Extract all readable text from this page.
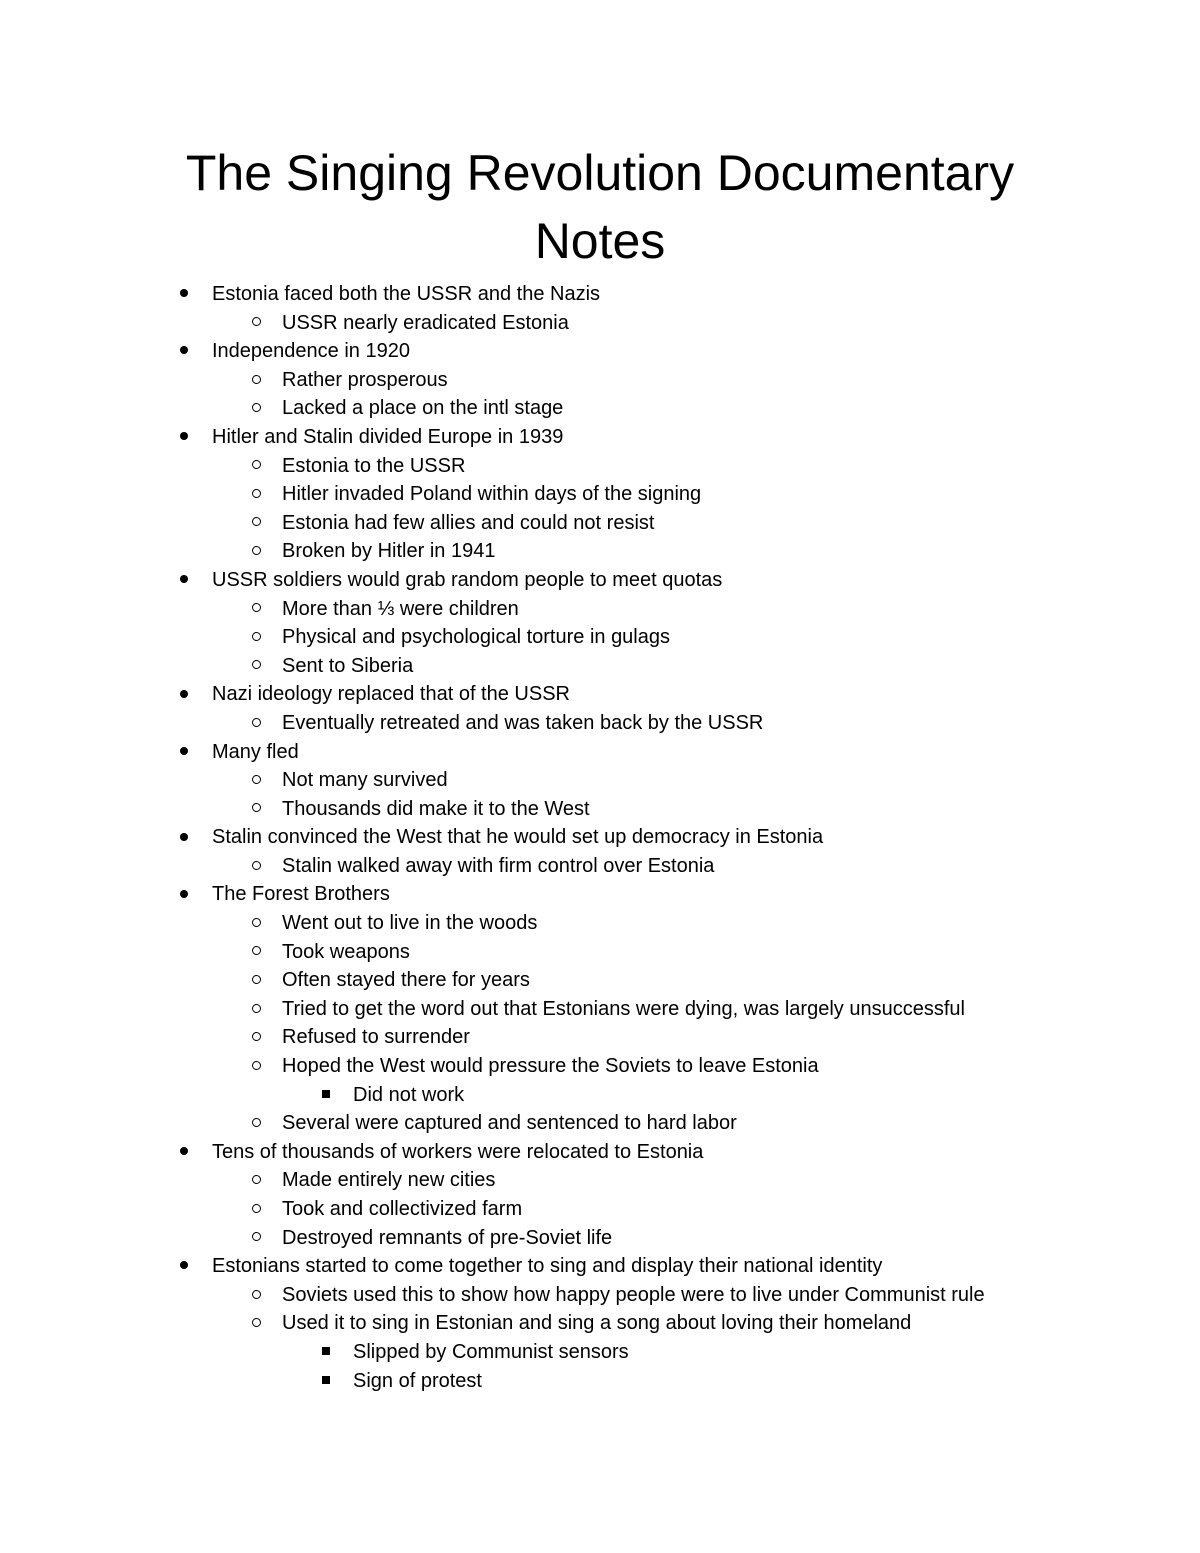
The Singing Revolution Documentary
Notes
Estonia faced both the USSR and the Nazis
USSR nearly eradicated Estonia
Independence in 1920
Rather prosperous
Lacked a place on the intl stage
Hitler and Stalin divided Europe in 1939
Estonia to the USSR
Hitler invaded Poland within days of the signing
Estonia had few allies and could not resist
Broken by Hitler in 1941
USSR soldiers would grab random people to meet quotas
More than ⅓ were children
Physical and psychological torture in gulags
Sent to Siberia
Nazi ideology replaced that of the USSR
Eventually retreated and was taken back by the USSR
Many fled
Not many survived
Thousands did make it to the West
Stalin convinced the West that he would set up democracy in Estonia
Stalin walked away with firm control over Estonia
The Forest Brothers
Went out to live in the woods
Took weapons
Often stayed there for years
Tried to get the word out that Estonians were dying, was largely unsuccessful
Refused to surrender
Hoped the West would pressure the Soviets to leave Estonia
Did not work
Several were captured and sentenced to hard labor
Tens of thousands of workers were relocated to Estonia
Made entirely new cities
Took and collectivized farm
Destroyed remnants of pre-Soviet life
Estonians started to come together to sing and display their national identity
Soviets used this to show how happy people were to live under Communist rule
Used it to sing in Estonian and sing a song about loving their homeland
Slipped by Communist sensors
Sign of protest
